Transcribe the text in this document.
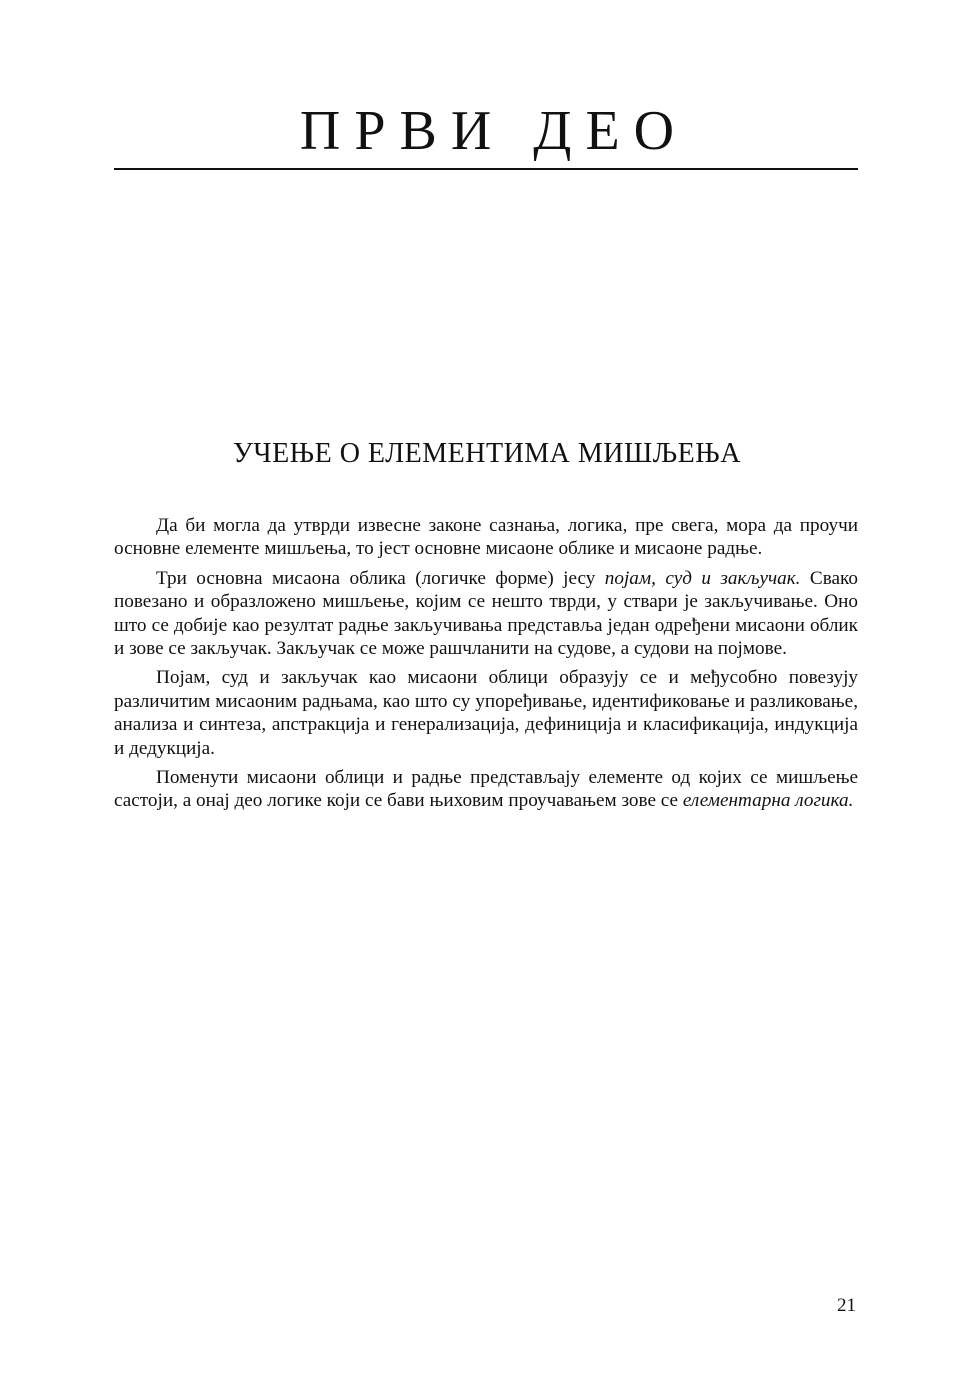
ПРВИ ДЕО
УЧЕЊЕ О ЕЛЕМЕНТИМА МИШЉЕЊА

Да би могла да утврди извесне законе сазнања, логика, пре свега, мора да проучи основне елементе мишљења, то јест основне мисаоне облике и мисаоне радње.

Три основна мисаона облика (логичке форме) јесу појам, суд и закључак. Свако повезано и образложено мишљење, којим се нешто тврди, у ствари је закључивање. Оно што се добије као резултат радње закључивања представља један одређени мисаони облик и зове се закључак. Закључак се може рашчланити на судове, а судови на појмове.

Појам, суд и закључак као мисаони облици образују се и међусобно повезују различитим мисаоним радњама, као што су упоређивање, идентификовање и разликовање, анализа и синтеза, апстракција и генерализација, дефиниција и класификација, индукција и дедукција.

Поменути мисаони облици и радње представљају елементе од којих се мишљење састоји, а онај део логике који се бави њиховим проучавањем зове се елементарна логика.

21
